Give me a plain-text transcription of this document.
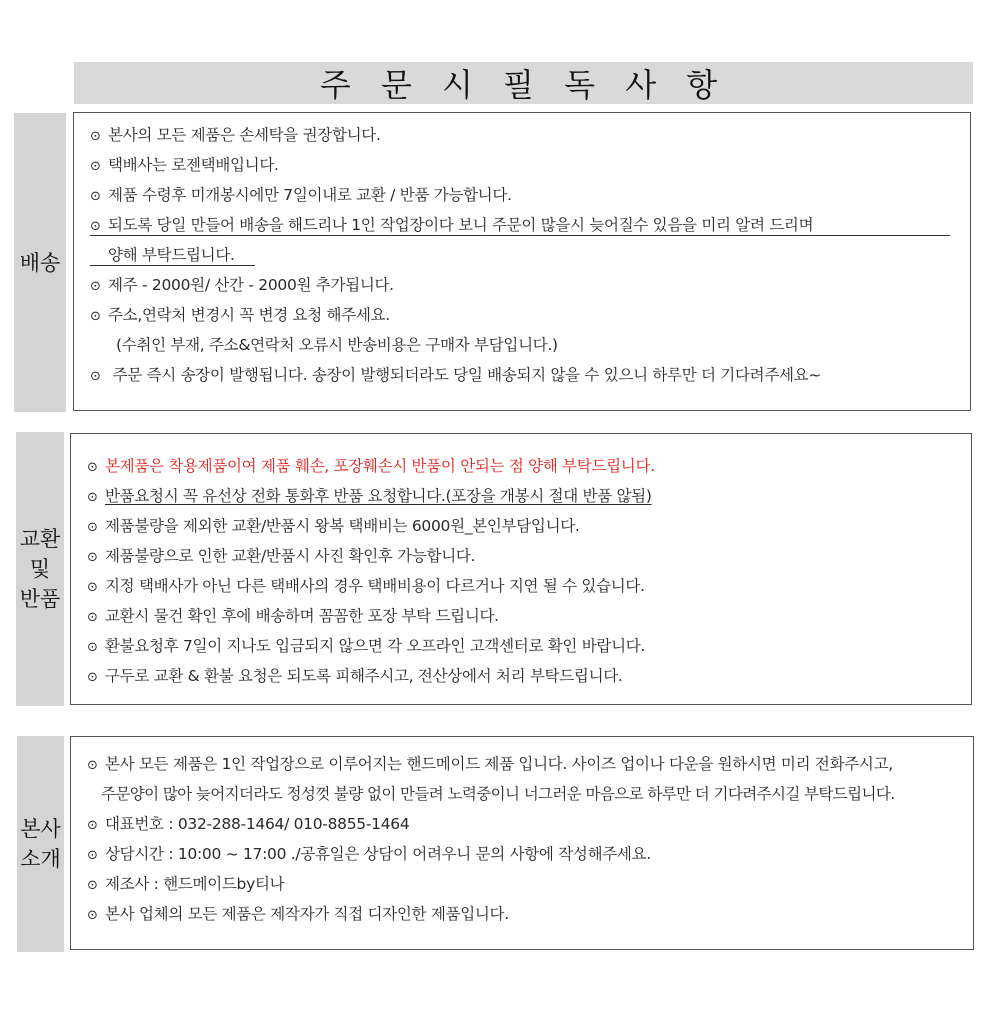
주 문 시 필 독 사 항
배송
⊙ 본사의 모든 제품은 손세탁을 권장합니다.
⊙ 택배사는 로젠택배입니다.
⊙ 제품 수령후 미개봉시에만 7일이내로 교환 / 반품 가능합니다.
⊙ 되도록 당일 만들어 배송을 해드리나 1인 작업장이다 보니 주문이 많을시 늦어질수 있음을 미리 알려 드리며
양해 부탁드립니다.
⊙ 제주 - 2000원/ 산간 - 2000원 추가됩니다.
⊙ 주소,연락처 변경시 꼭 변경 요청 해주세요.
(수취인 부재, 주소&연락처 오류시 반송비용은 구매자 부담입니다.)
⊙ 주문 즉시 송장이 발행됩니다. 송장이 발행되더라도 당일 배송되지 않을 수 있으니 하루만 더 기다려주세요~
교환
및
반품
⊙ 본제품은 착용제품이여 제품 훼손, 포장훼손시 반품이 안되는 점 양해 부탁드립니다.
⊙ 반품요청시 꼭 유선상 전화 통화후 반품 요청합니다.(포장을 개봉시 절대 반품 않됨)
⊙ 제품불량을 제외한 교환/반품시 왕복 택배비는 6000원_본인부담입니다.
⊙ 제품불량으로 인한 교환/반품시 사진 확인후 가능합니다.
⊙ 지정 택배사가 아닌 다른 택배사의 경우 택배비용이 다르거나 지연 될 수 있습니다.
⊙ 교환시 물건 확인 후에 배송하며 꼼꼼한 포장 부탁 드립니다.
⊙ 환불요청후 7일이 지나도 입금되지 않으면 각 오프라인 고객센터로 확인 바랍니다.
⊙ 구두로 교환 & 환불 요청은 되도록 피해주시고, 전산상에서 처리 부탁드립니다.
본사
소개
⊙ 본사 모든 제품은 1인 작업장으로 이루어지는 핸드메이드 제품 입니다. 사이즈 업이나 다운을 원하시면 미리 전화주시고,
주문양이 많아 늦어지더라도 정성껏 불량 없이 만들려 노력중이니 너그러운 마음으로 하루만 더 기다려주시길 부탁드립니다.
⊙ 대표번호 : 032-288-1464/ 010-8855-1464
⊙ 상담시간 : 10:00 ~ 17:00 ./공휴일은 상담이 어려우니 문의 사항에 작성해주세요.
⊙ 제조사 : 핸드메이드by티나
⊙ 본사 업체의 모든 제품은 제작자가 직접 디자인한 제품입니다.
